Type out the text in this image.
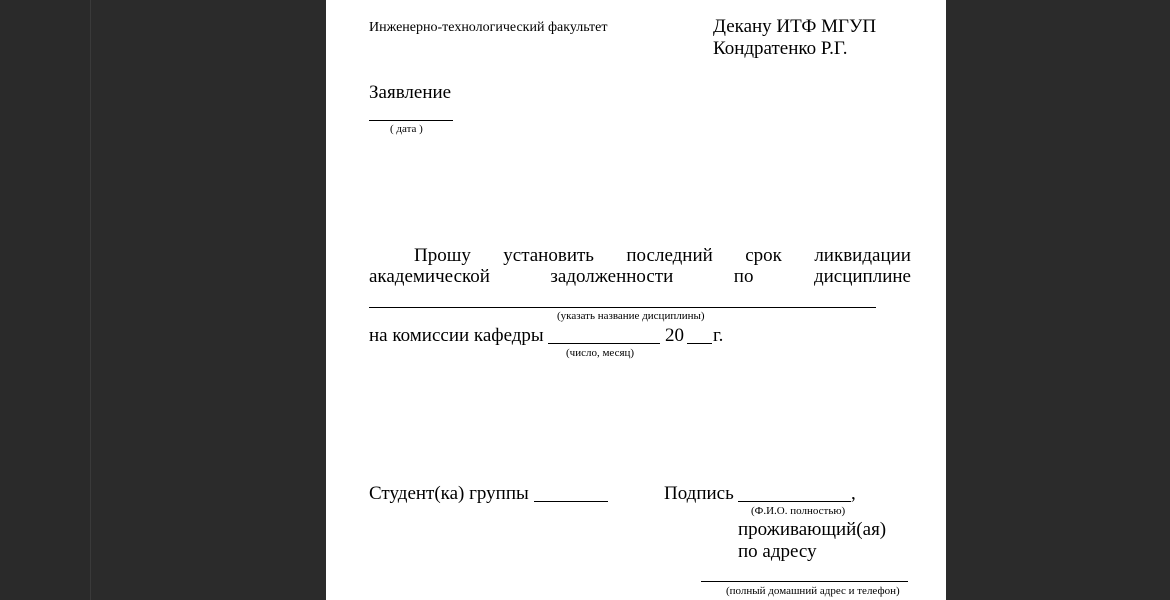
Инженерно-технологический факультет	Декану ИТФ МГУП
Кондратенко Р.Г.
Заявление
( дата )
Прошу установить последний срок ликвидации
академической	задолженности	по	дисциплине
(указать название дисциплины)
на комиссии кафедры	20 г.
(число, месяц)
Студент(ка) группы	Подпись	,
(Ф.И.О. полностью)
проживающий(ая)
по адресу
(полный домашний адрес и телефон)
